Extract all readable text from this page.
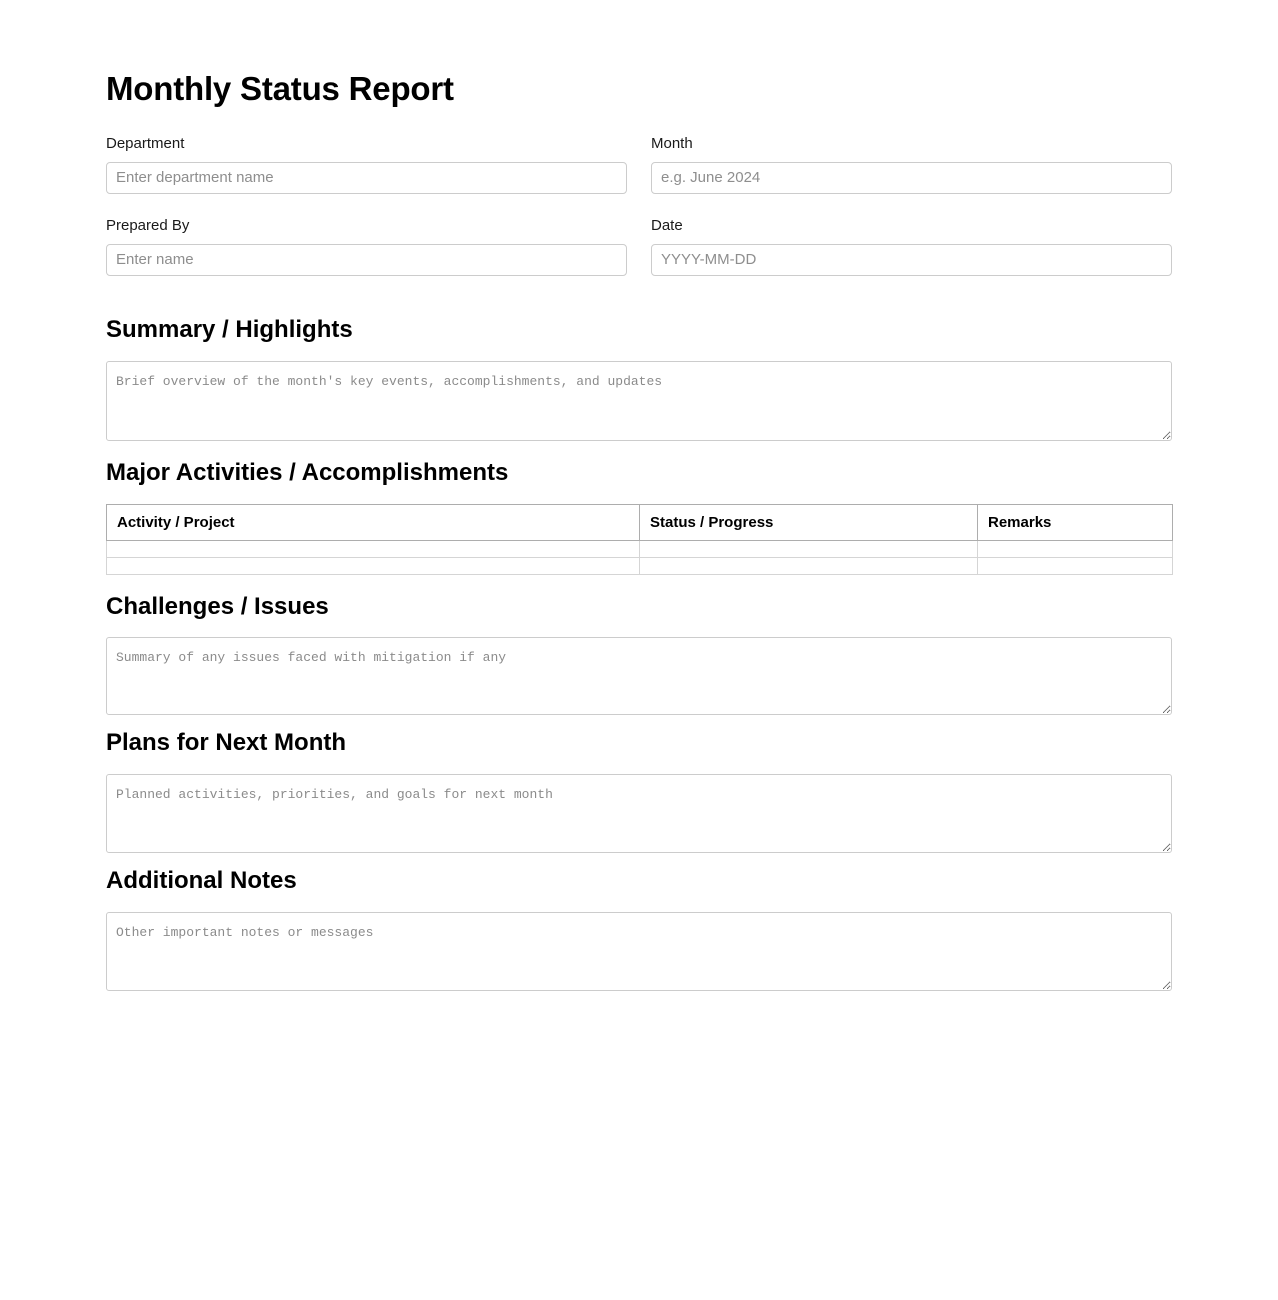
Monthly Status Report
Department
Enter department name	Month
e.g. June 2024
Prepared By
Enter name	Date
YYYY-MM-DD
Summary / Highlights
Brief overview of the month's key events, accomplishments, and updates
Major Activities / Accomplishments
Activity / Project	Status / Progress	Remarks

Challenges / Issues
Summary of any issues faced with mitigation if any
Plans for Next Month
Planned activities, priorities, and goals for next month
Additional Notes
Other important notes or messages
